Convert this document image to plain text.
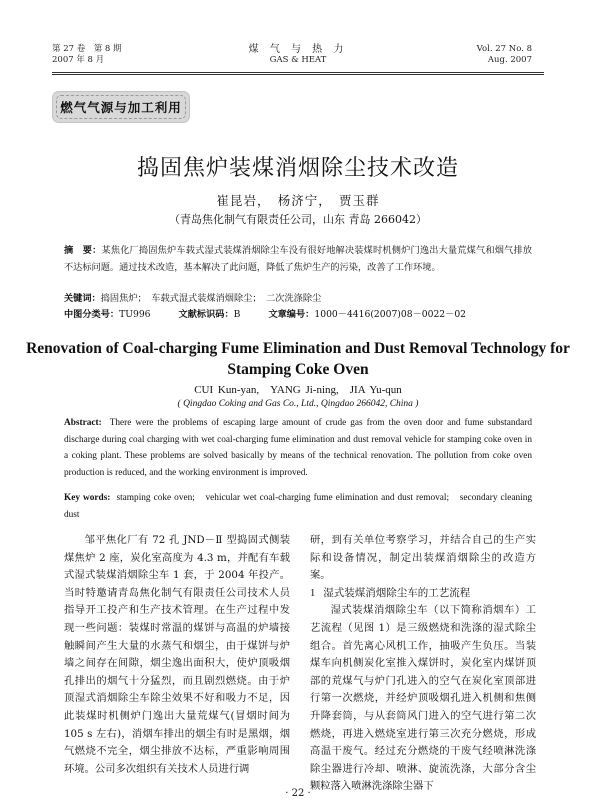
第 27 卷　第 8 期
2007 年 8 月
煤 气 与 热 力
GAS & HEAT
Vol. 27 No. 8
Aug. 2007
燃气气源与加工利用
捣固焦炉装煤消烟除尘技术改造
崔昆岩，　杨济宁，　贾玉群
（青岛焦化制气有限责任公司，山东 青岛 266042）
摘　要：某焦化厂捣固焦炉车载式湿式装煤消烟除尘车没有很好地解决装煤时机侧炉门逸出大量荒煤气和烟气排放不达标问题。通过技术改造，基本解决了此问题，降低了焦炉生产的污染，改善了工作环境。
关键词：捣固焦炉；　车载式湿式装煤消烟除尘；　二次洗涤除尘
中图分类号：TU996	文献标识码：B	文章编号：1000－4416(2007)08－0022－02
Renovation of Coal-charging Fume Elimination and Dust Removal Technology for Stamping Coke Oven
CUI Kun-yan,　YANG Ji-ning,　JIA Yu-qun
( Qingdao Coking and Gas Co., Ltd., Qingdao 266042, China )
Abstract: There were the problems of escaping large amount of crude gas from the oven door and fume substandard discharge during coal charging with wet coal-charging fume elimination and dust removal vehicle for stamping coke oven in a coking plant. These problems are solved basically by means of the technical renovation. The pollution from coke oven production is reduced, and the working environment is improved.
Key words: stamping coke oven;　vehicular wet coal-charging fume elimination and dust removal;　secondary cleaning dust

邹平焦化厂有 72 孔 JND－Ⅱ 型捣固式侧装煤焦炉 2 座，炭化室高度为 4.3 m，并配有车载式湿式装煤消烟除尘车 1 套，于 2004 年投产。当时特邀请青岛焦化制气有限责任公司技术人员指导开工投产和生产技术管理。在生产过程中发现一些问题：装煤时常温的煤饼与高温的炉墙接触瞬间产生大量的水蒸气和烟尘，由于煤饼与炉墙之间存在间隙，烟尘逸出面积大，使炉顶吸烟孔排出的烟气十分猛烈，而且剧烈燃烧。由于炉顶湿式消烟除尘车除尘效果不好和吸力不足，因此装煤时机侧炉门逸出大量荒煤气(冒烟时间为 105 s 左右)，消烟车排出的烟尘有时是黑烟，烟气燃烧不完全，烟尘排放不达标，严重影响周围环境。公司多次组织有关技术人员进行调

研，到有关单位考察学习，并结合自己的生产实际和设备情况，制定出装煤消烟除尘的改造方案。

1 湿式装煤消烟除尘车的工艺流程

湿式装煤消烟除尘车（以下简称消烟车）工艺流程（见图 1）是三级燃烧和洗涤的湿式除尘组合。首先离心风机工作，抽吸产生负压。当装煤车向机侧炭化室推入煤饼时，炭化室内煤饼顶部的荒煤气与炉门孔进入的空气在炭化室顶部进行第一次燃烧，并经炉顶吸烟孔进入机侧和焦侧升降套筒，与从套筒风门进入的空气进行第二次燃烧，再进入燃烧室进行第三次充分燃烧，形成高温干废气。经过充分燃烧的干废气经喷淋洗涤除尘器进行冷却、喷淋、旋流洗涤，大部分含尘颗粒落入喷淋洗涤除尘器下

· 22 ·
